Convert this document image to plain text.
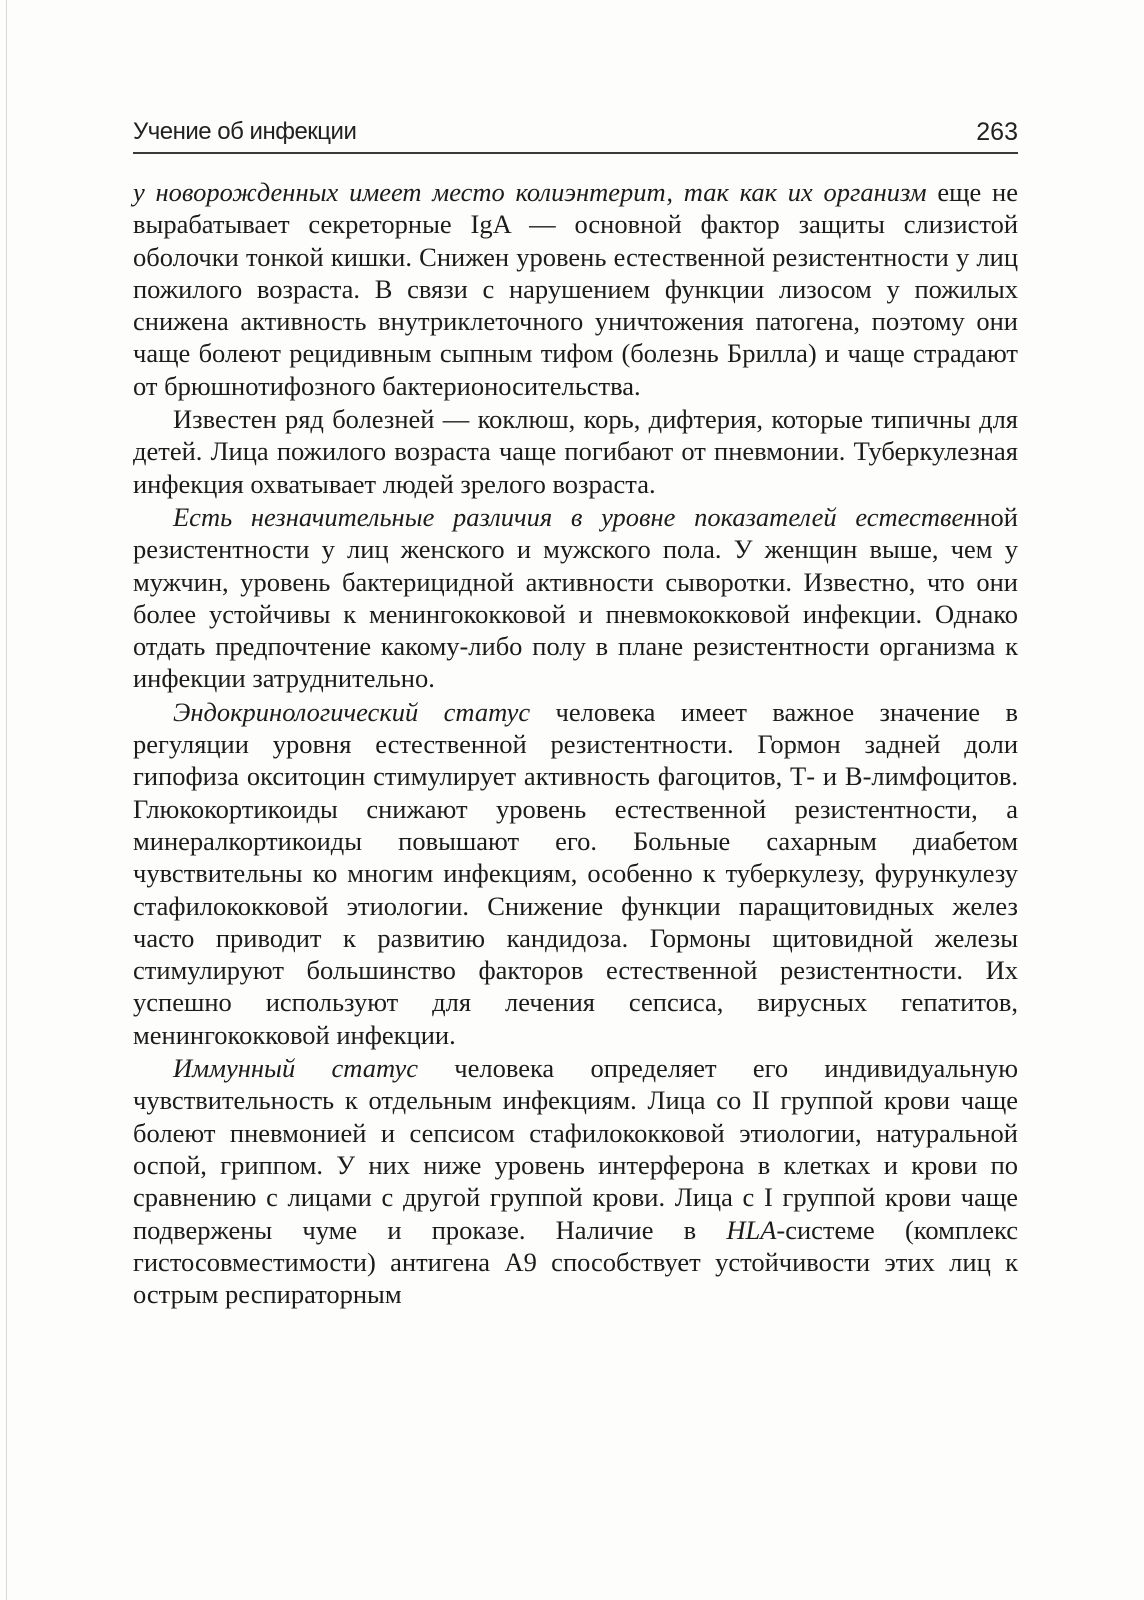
Учение об инфекции	263

у новорожденных имеет место колиэнтерит, так как их организм еще не вырабатывает секреторные IgA — основной фактор защиты слизистой оболочки тонкой кишки. Снижен уровень естественной резистентности у лиц пожилого возраста. В связи с нарушением функции лизосом у пожилых снижена активность внутриклеточного уничтожения патогена, поэтому они чаще болеют рецидивным сыпным тифом (болезнь Брилла) и чаще страдают от брюшнотифозного бактерионосительства.

Известен ряд болезней — коклюш, корь, дифтерия, которые типичны для детей. Лица пожилого возраста чаще погибают от пневмонии. Туберкулезная инфекция охватывает людей зрелого возраста.

Есть незначительные различия в уровне показателей естественной резистентности у лиц женского и мужского пола. У женщин выше, чем у мужчин, уровень бактерицидной активности сыворотки. Известно, что они более устойчивы к менингококковой и пневмококковой инфекции. Однако отдать предпочтение какому-либо полу в плане резистентности организма к инфекции затруднительно.

Эндокринологический статус человека имеет важное значение в регуляции уровня естественной резистентности. Гормон задней доли гипофиза окситоцин стимулирует активность фагоцитов, Т- и В-лимфоцитов. Глюкокортикоиды снижают уровень естественной резистентности, а минералкортикоиды повышают его. Больные сахарным диабетом чувствительны ко многим инфекциям, особенно к туберкулезу, фурункулезу стафилококковой этиологии. Снижение функции паращитовидных желез часто приводит к развитию кандидоза. Гормоны щитовидной железы стимулируют большинство факторов естественной резистентности. Их успешно используют для лечения сепсиса, вирусных гепатитов, менингококковой инфекции.

Иммунный статус человека определяет его индивидуальную чувствительность к отдельным инфекциям. Лица со II группой крови чаще болеют пневмонией и сепсисом стафилококковой этиологии, натуральной оспой, гриппом. У них ниже уровень интерферона в клетках и крови по сравнению с лицами с другой группой крови. Лица с I группой крови чаще подвержены чуме и проказе. Наличие в HLA-системе (комплекс гистосовместимости) антигена А9 способствует устойчивости этих лиц к острым респираторным
